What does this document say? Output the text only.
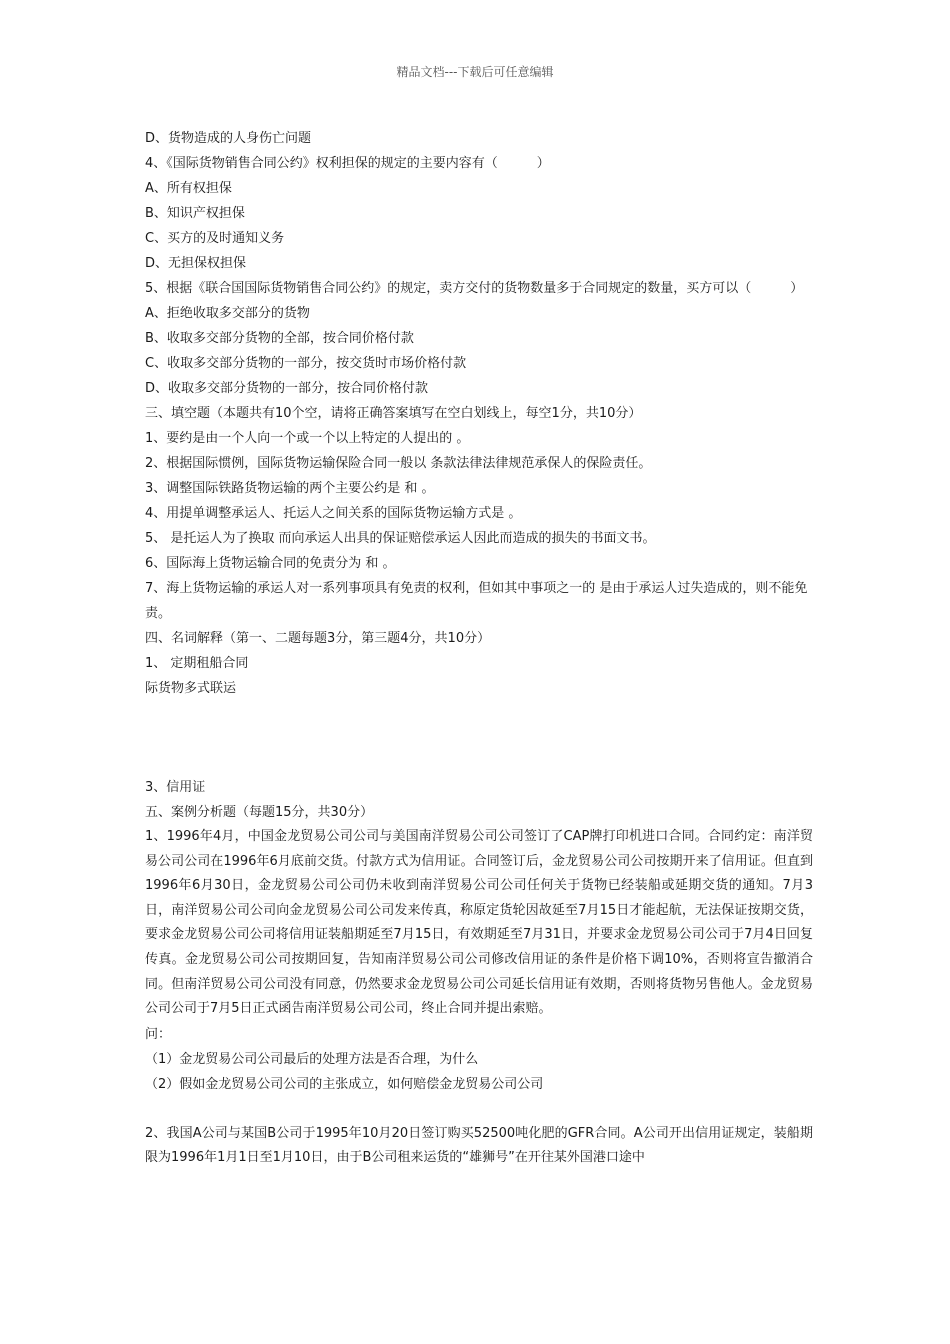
精品文档---下载后可任意编辑
D、货物造成的人身伤亡问题
4、《国际货物销售合同公约》权利担保的规定的主要内容有（　　　）
A、所有权担保
B、知识产权担保
C、买方的及时通知义务
D、无担保权担保
5、根据《联合国国际货物销售合同公约》的规定，卖方交付的货物数量多于合同规定的数量，买方可以（　　　）
A、拒绝收取多交部分的货物
B、收取多交部分货物的全部，按合同价格付款
C、收取多交部分货物的一部分，按交货时市场价格付款
D、收取多交部分货物的一部分，按合同价格付款
三、填空题（本题共有10个空，请将正确答案填写在空白划线上，每空1分，共10分）
1、要约是由一个人向一个或一个以上特定的人提出的 。
2、根据国际惯例，国际货物运输保险合同一般以 条款法律法律规范承保人的保险责任。
3、调整国际铁路货物运输的两个主要公约是 和 。
4、用提单调整承运人、托运人之间关系的国际货物运输方式是 。
5、 是托运人为了换取 而向承运人出具的保证赔偿承运人因此而造成的损失的书面文书。
6、国际海上货物运输合同的免责分为 和 。
7、海上货物运输的承运人对一系列事项具有免责的权利，但如其中事项之一的 是由于承运人过失造成的，则不能免责。
四、名词解释（第一、二题每题3分，第三题4分，共10分）
1、 定期租船合同
际货物多式联运
3、信用证
五、案例分析题（每题15分，共30分）
1、1996年4月，中国金龙贸易公司公司与美国南洋贸易公司公司签订了CAP牌打印机进口合同。合同约定：南洋贸易公司公司在1996年6月底前交货。付款方式为信用证。合同签订后，金龙贸易公司公司按期开来了信用证。但直到1996年6月30日，金龙贸易公司公司仍未收到南洋贸易公司公司任何关于货物已经装船或延期交货的通知。7月3日，南洋贸易公司公司向金龙贸易公司公司发来传真，称原定货轮因故延至7月15日才能起航，无法保证按期交货，要求金龙贸易公司公司将信用证装船期延至7月15日，有效期延至7月31日，并要求金龙贸易公司公司于7月4日回复传真。金龙贸易公司公司按期回复，告知南洋贸易公司公司修改信用证的条件是价格下调10%，否则将宣告撤消合同。但南洋贸易公司公司没有同意，仍然要求金龙贸易公司公司延长信用证有效期，否则将货物另售他人。金龙贸易公司公司于7月5日正式函告南洋贸易公司公司，终止合同并提出索赔。
问：
（1）金龙贸易公司公司最后的处理方法是否合理，为什么
（2）假如金龙贸易公司公司的主张成立，如何赔偿金龙贸易公司公司
2、我国A公司与某国B公司于1995年10月20日签订购买52500吨化肥的GFR合同。A公司开出信用证规定，装船期限为1996年1月1日至1月10日，由于B公司租来运货的“雄狮号”在开往某外国港口途中
